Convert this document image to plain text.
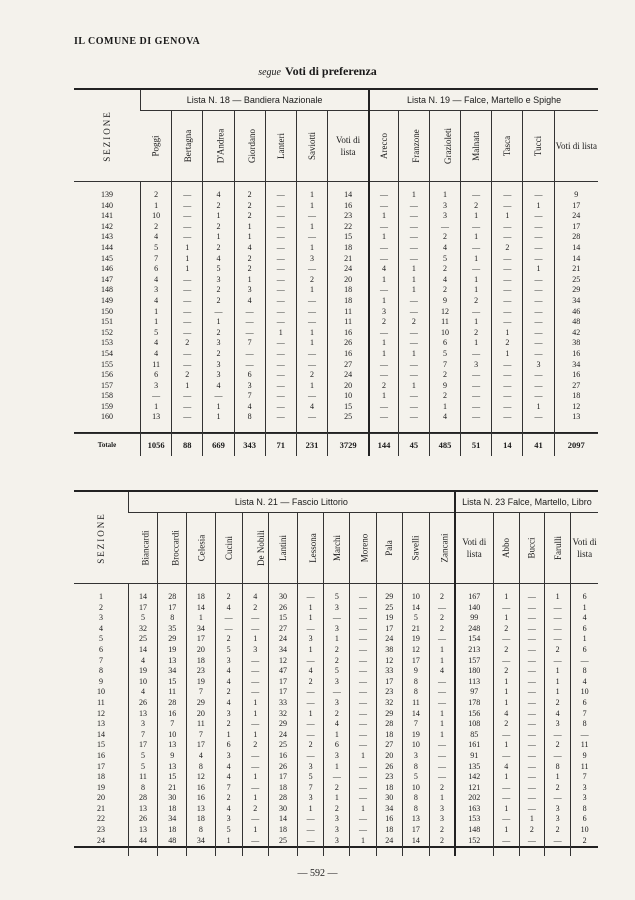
IL COMUNE DI GENOVA
segue Voti di preferenza
SEZIONE	Lista N. 18 — Bandiera Nazionale							Lista N. 19 — Falce, Martello e Spighe						
	Poggi	Bertagna	D'Andrea	Giordano	Lanteri	Saviotti	Voti di lista	Arecco	Franzone	Grazioleti	Malnata	Tasca	Tucci	Voti di lista

139	2	—	4	2	—	1	14	—	1	1	—	—	—	9
140	1	—	2	2	—	1	16	—	—	3	2	—	1	17
141	10	—	1	2	—	—	23	1	—	3	1	1	—	24
142	2	—	2	1	—	1	22	—	—	—	—	—	—	17
143	4	—	1	1	—	—	15	1	—	2	1	—	—	28
144	5	1	2	4	—	1	18	—	—	4	—	2	—	14
145	7	1	4	2	—	3	21	—	—	5	1	—	—	14
146	6	1	5	2	—	—	24	4	1	2	—	—	1	21
147	4	—	3	1	—	2	20	1	1	4	1	—	—	25
148	3	—	2	3	—	1	18	—	1	2	1	—	—	29
149	4	—	2	4	—	—	18	1	—	9	2	—	—	34
150	1	—	—	—	—	—	11	3	—	12	—	—	—	46
151	1	—	1	—	—	—	11	2	2	11	1	—	—	48
152	5	—	2	—	1	1	16	—	—	10	2	1	—	42
153	4	2	3	7	—	1	26	1	—	6	1	2	—	38
154	4	—	2	—	—	—	16	1	1	5	—	1	—	16
155	11	—	3	—	—	—	27	—	—	7	3	—	3	34
156	6	2	3	6	—	2	24	—	—	2	—	—	—	16
157	3	1	4	3	—	1	20	2	1	9	—	—	—	27
158	—	—	—	7	—	—	10	1	—	2	—	—	—	18
159	1	—	1	4	—	4	15	—	—	1	—	—	1	12
160	13	—	1	8	—	—	25	—	—	4	—	—	—	13

Totale	1056	88	669	343	71	231	3729	144	45	485	51	14	41	2097
SEZIONE	Lista N. 21 — Fascio Littorio												Lista N. 23 Falce, Martello, Libro				
	Biancardi	Broccardi	Celesia	Cucini	De Nobili	Lantini	Lessona	Marchi	Moreno	Pala	Savelli	Zancani	Voti di lista	Abbo	Bucci	Farulli	Voti di lista

1	14	28	18	2	4	30	—	5	—	29	10	2	167	1	—	1	6
2	17	17	14	4	2	26	1	3	—	25	14	—	140	—	—	—	1
3	5	8	1	—	—	15	1	—	—	19	5	2	99	1	—	—	4
4	32	35	34	—	—	27	—	3	—	17	21	2	248	2	—	—	6
5	25	29	17	2	1	24	3	1	—	24	19	—	154	—	—	—	1
6	14	19	20	5	3	34	1	2	—	38	12	1	213	2	—	2	6
7	4	13	18	3	—	12	—	2	—	12	17	1	157	—	—	—	—
8	19	34	23	4	—	47	4	5	—	33	9	4	180	2	—	1	8
9	10	15	19	4	—	17	2	3	—	17	8	—	113	1	—	1	4
10	4	11	7	2	—	17	—	—	—	23	8	—	97	1	—	1	10
11	26	28	29	4	1	33	—	3	—	32	11	—	178	1	—	2	6
12	13	16	20	3	1	32	1	2	—	29	14	1	156	4	—	4	7
13	3	7	11	2	—	29	—	4	—	28	7	1	108	2	—	3	8
14	7	10	7	1	1	24	—	1	—	18	19	1	85	—	—	—	—
15	17	13	17	6	2	25	2	6	—	27	10	—	161	1	—	2	11
16	5	9	4	3	—	16	—	3	1	20	3	—	91	—	—	—	9
17	5	13	8	4	—	26	3	1	—	26	8	—	135	4	—	8	11
18	11	15	12	4	1	17	5	—	—	23	5	—	142	1	—	1	7
19	8	21	16	7	—	18	7	2	—	18	10	2	121	—	—	2	3
20	28	30	16	2	1	28	3	1	—	30	8	1	202	—	—	—	3
21	13	18	13	4	2	30	1	2	1	34	8	3	163	1	—	3	8
22	26	34	18	3	—	14	—	3	—	16	13	3	153	—	1	3	6
23	13	18	8	5	1	18	—	3	—	18	17	2	148	1	2	2	10
24	44	48	34	1	—	25	—	3	1	24	14	2	152	—	—	—	2

— 592 —
